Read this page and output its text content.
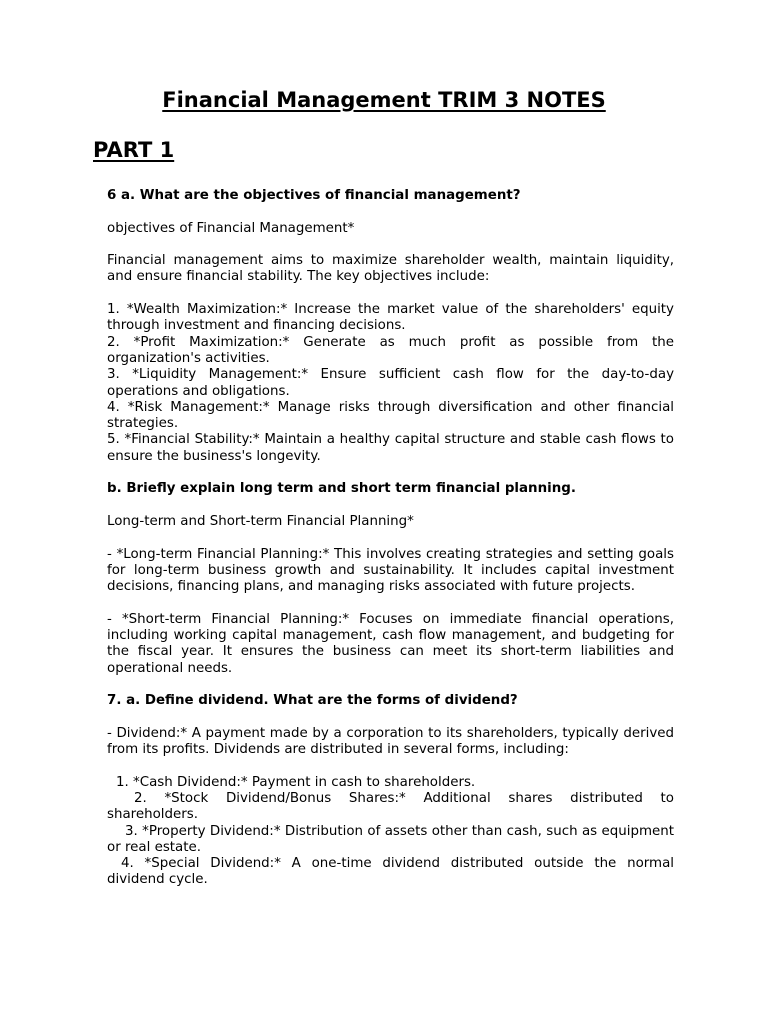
Financial Management TRIM 3 NOTES
PART 1

6 a. What are the objectives of financial management?

objectives of Financial Management*

Financial management aims to maximize shareholder wealth, maintain liquidity, and ensure financial stability. The key objectives include:

1. *Wealth Maximization:* Increase the market value of the shareholders' equity through investment and financing decisions.
2. *Profit Maximization:* Generate as much profit as possible from the organization's activities.
3. *Liquidity Management:* Ensure sufficient cash flow for the day-to-day operations and obligations.
4. *Risk Management:* Manage risks through diversification and other financial strategies.
5. *Financial Stability:* Maintain a healthy capital structure and stable cash flows to ensure the business's longevity.

b. Briefly explain long term and short term financial planning.

Long-term and Short-term Financial Planning*

- *Long-term Financial Planning:* This involves creating strategies and setting goals for long-term business growth and sustainability. It includes capital investment decisions, financing plans, and managing risks associated with future projects.

- *Short-term Financial Planning:* Focuses on immediate financial operations, including working capital management, cash flow management, and budgeting for the fiscal year. It ensures the business can meet its short-term liabilities and operational needs.

7. a. Define dividend. What are the forms of dividend?

- Dividend:* A payment made by a corporation to its shareholders, typically derived from its profits. Dividends are distributed in several forms, including:

1. *Cash Dividend:* Payment in cash to shareholders.
2. *Stock Dividend/Bonus Shares:* Additional shares distributed to shareholders.
3. *Property Dividend:* Distribution of assets other than cash, such as equipment or real estate.
4. *Special Dividend:* A one-time dividend distributed outside the normal dividend cycle.
